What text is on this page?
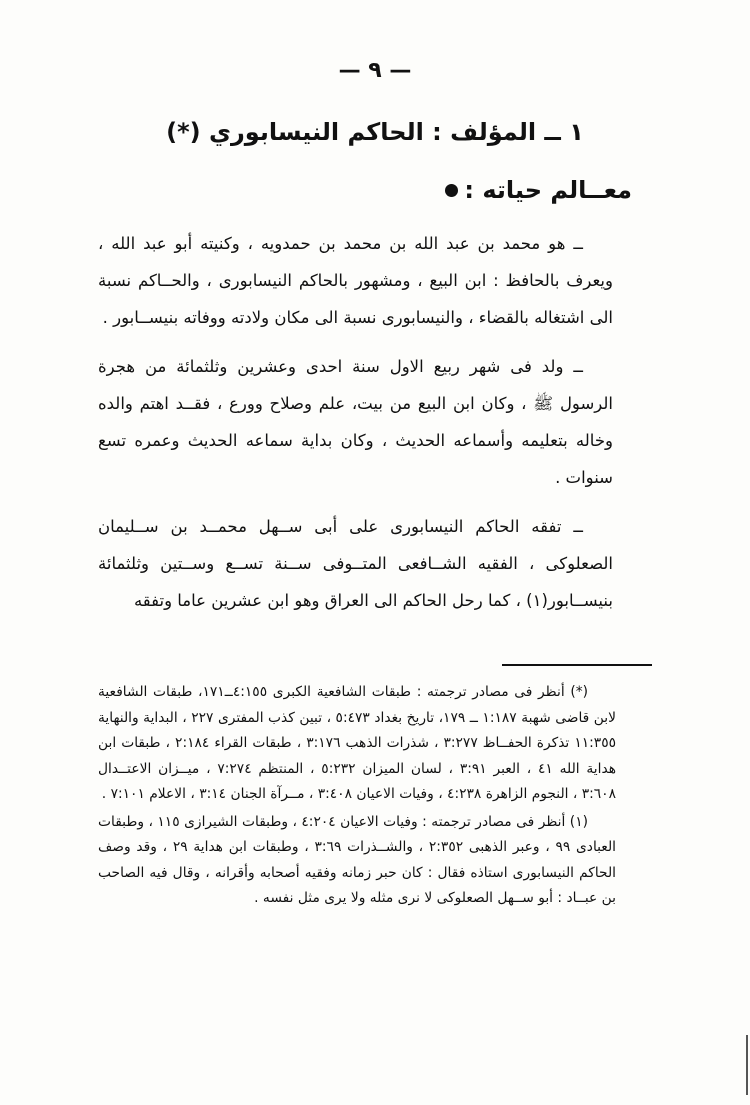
— ٩ —
١ ــ المؤلف : الحاكم النيسابوري (*)
معــالم حياته :

ــ هو محمد بن عبد الله بن محمد بن حمدويه ، وكنيته أبو عبد الله ، ويعرف بالحافظ : ابن البيع ، ومشهور بالحاكم النيسابورى ، والحــاكم نسبة الى اشتغاله بالقضاء ، والنيسابورى نسبة الى مكان ولادته ووفاته بنيســابور .

ــ ولد فى شهر ربيع الاول سنة احدى وعشرين وثلثمائة من هجرة الرسول ﷺ ، وكان ابن البيع من بيت، علم وصلاح وورع ، فقــد اهتم والده وخاله بتعليمه وأسماعه الحديث ، وكان بداية سماعه الحديث وعمره تسع سنوات .

ــ تفقه الحاكم النيسابورى على أبى ســهل محمــد بن ســليمان الصعلوكى ، الفقيه الشــافعى المتــوفى ســنة تســع وســتين وثلثمائة بنيســابور(١) ، كما رحل الحاكم الى العراق وهو ابن عشرين عاما وتفقه

(*) أنظر فى مصادر ترجمته : طبقات الشافعية الكبرى ٤:١٥٥ــ١٧١، طبقات الشافعية لابن قاضى شهبة ١:١٨٧ ــ ١٧٩، تاريخ بغداد ٥:٤٧٣ ، تبين كذب المفترى ٢٢٧ ، البداية والنهاية ١١:٣٥٥ تذكرة الحفــاظ ٣:٢٧٧ ، شذرات الذهب ٣:١٧٦ ، طبقات القراء ٢:١٨٤ ، طبقات ابن هداية الله ٤١ ، العبر ٣:٩١ ، لسان الميزان ٥:٢٣٢ ، المنتظم ٧:٢٧٤ ، ميــزان الاعتــدال ٣:٦٠٨ ، النجوم الزاهرة ٤:٢٣٨ ، وفيات الاعيان ٣:٤٠٨ ، مــرآة الجنان ٣:١٤ ، الاعلام ٧:١٠١ .

(١) أنظر فى مصادر ترجمته : وفيات الاعيان ٤:٢٠٤ ، وطبقات الشيرازى ١١٥ ، وطبقات العبادى ٩٩ ، وعبر الذهبى ٢:٣٥٢ ، والشــذرات ٣:٦٩ ، وطبقات ابن هداية ٢٩ ، وقد وصف الحاكم النيسابورى استاذه فقال : كان حبر زمانه وفقيه أصحابه وأقرانه ، وقال فيه الصاحب بن عبــاد : أبو ســهل الصعلوكى لا نرى مثله ولا يرى مثل نفسه .
